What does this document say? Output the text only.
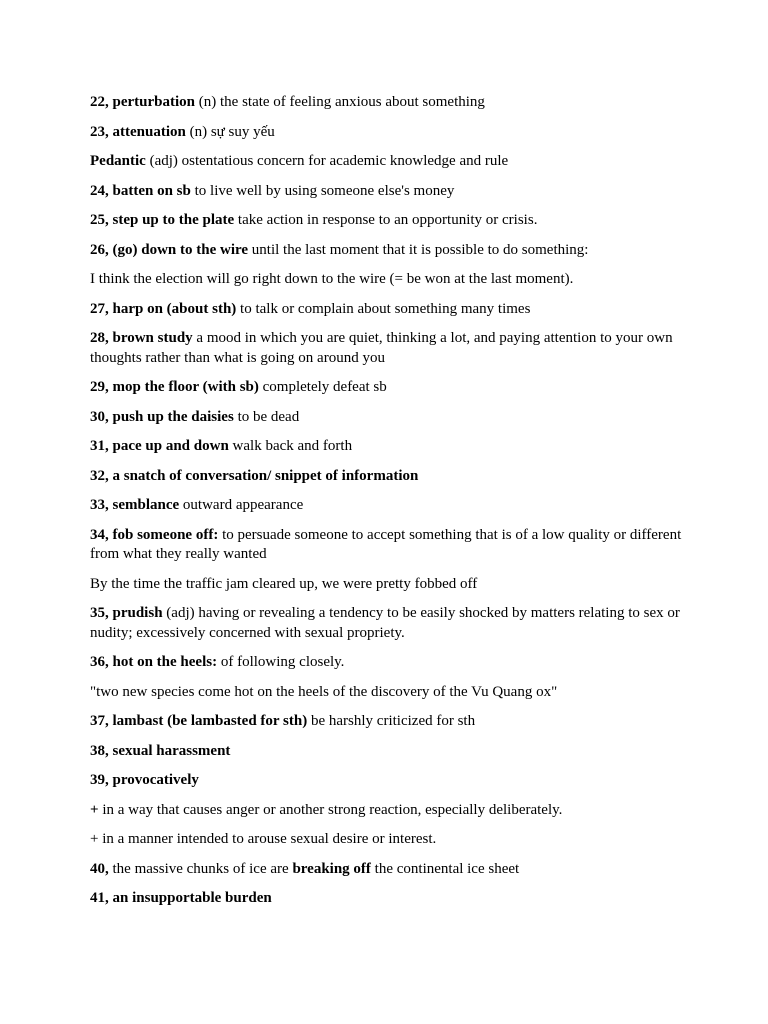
22, perturbation (n) the state of feeling anxious about something

23, attenuation (n) sự suy yếu

Pedantic (adj) ostentatious concern for academic knowledge and rule

24, batten on sb to live well by using someone else's money

25, step up to the plate take action in response to an opportunity or crisis.

26, (go) down to the wire until the last moment that it is possible to do something:

I think the election will go right down to the wire (= be won at the last moment).

27, harp on (about sth) to talk or complain about something many times

28, brown study a mood in which you are quiet, thinking a lot, and paying attention to your own thoughts rather than what is going on around you

29, mop the floor (with sb) completely defeat sb

30, push up the daisies to be dead

31, pace up and down walk back and forth

32, a snatch of conversation/ snippet of information

33, semblance outward appearance

34, fob someone off: to persuade someone to accept something that is of a low quality or different from what they really wanted

By the time the traffic jam cleared up, we were pretty fobbed off

35, prudish (adj) having or revealing a tendency to be easily shocked by matters relating to sex or nudity; excessively concerned with sexual propriety.

36, hot on the heels: of following closely.

"two new species come hot on the heels of the discovery of the Vu Quang ox"

37, lambast (be lambasted for sth) be harshly criticized for sth

38, sexual harassment

39, provocatively

+ in a way that causes anger or another strong reaction, especially deliberately.

+ in a manner intended to arouse sexual desire or interest.

40, the massive chunks of ice are breaking off the continental ice sheet

41, an insupportable burden
